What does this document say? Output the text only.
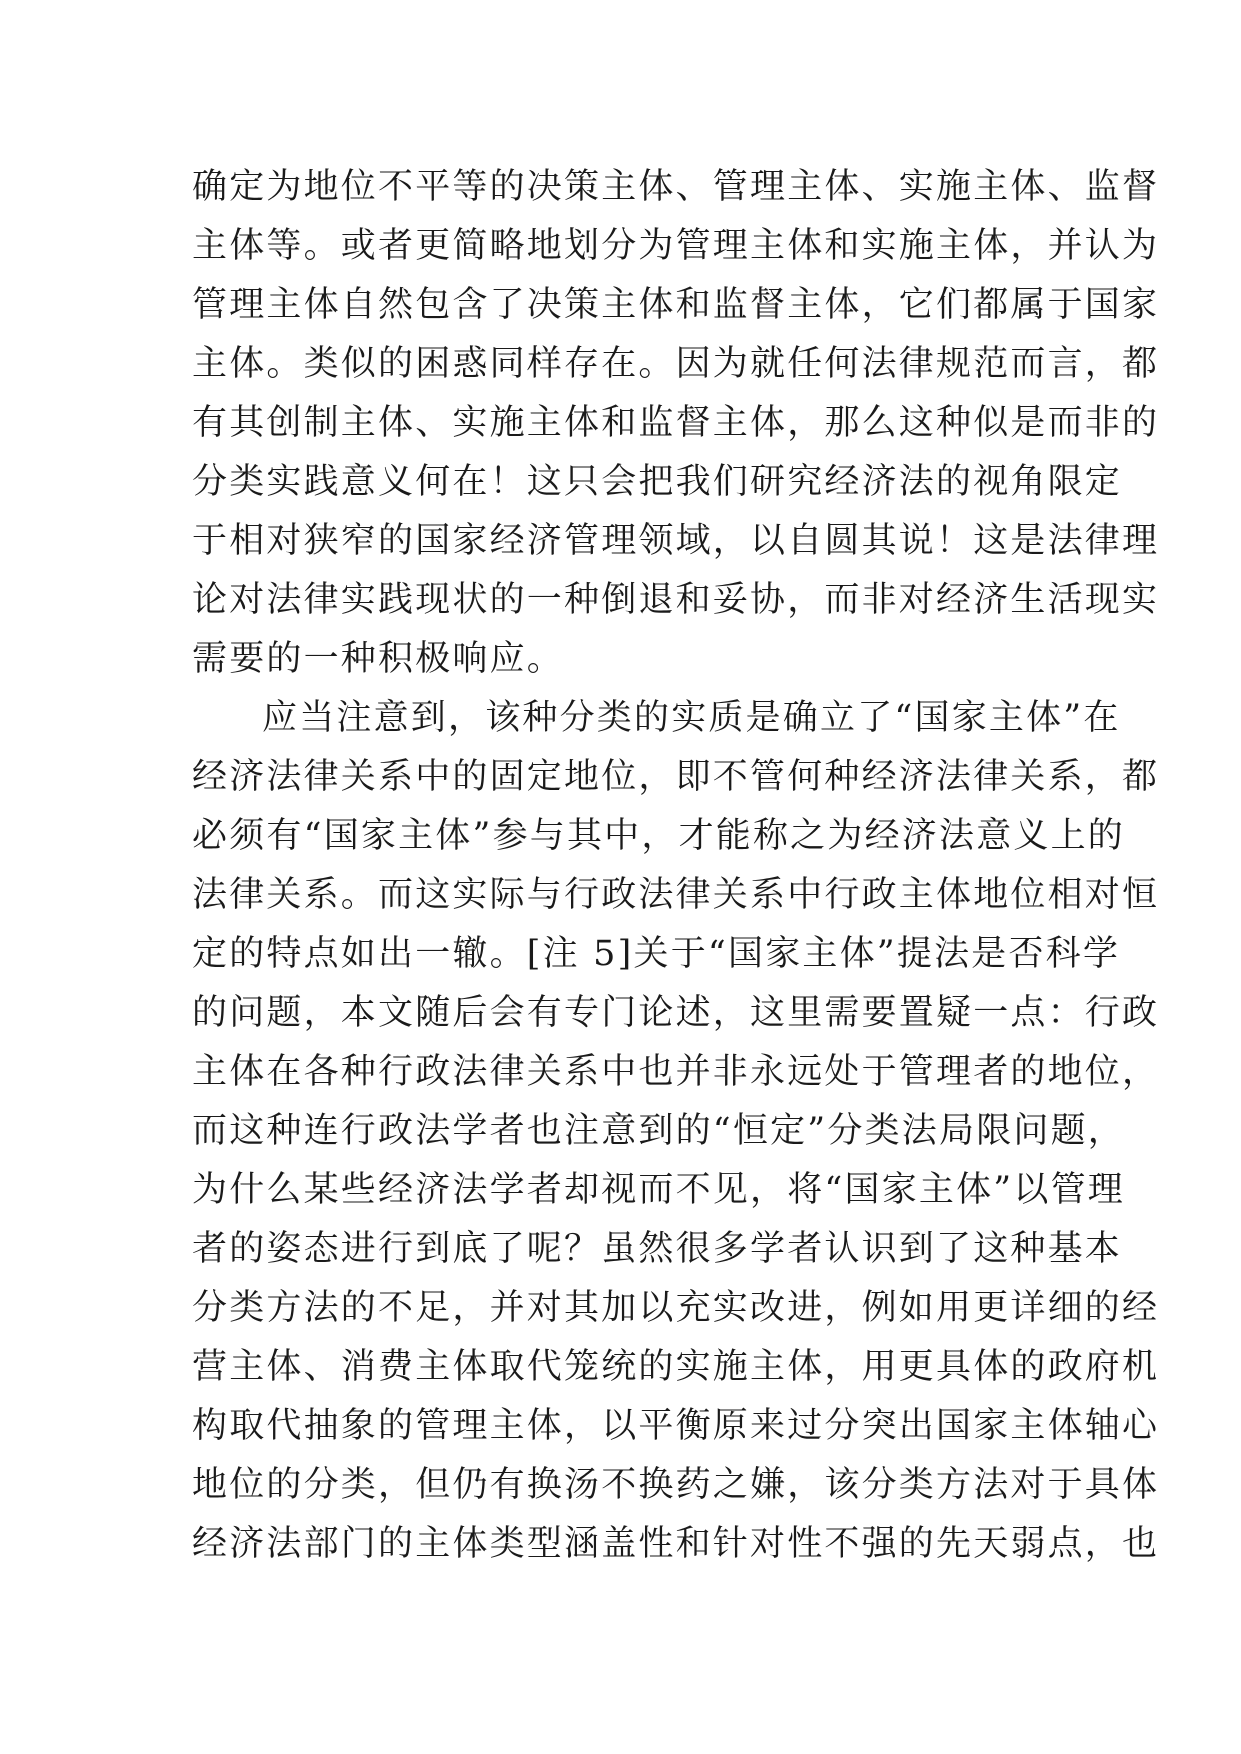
确定为地位不平等的决策主体、管理主体、实施主体、监督
主体等。或者更简略地划分为管理主体和实施主体，并认为
管理主体自然包含了决策主体和监督主体，它们都属于国家
主体。类似的困惑同样存在。因为就任何法律规范而言，都
有其创制主体、实施主体和监督主体，那么这种似是而非的
分类实践意义何在！这只会把我们研究经济法的视角限定
于相对狭窄的国家经济管理领域，以自圆其说！这是法律理
论对法律实践现状的一种倒退和妥协，而非对经济生活现实
需要的一种积极响应。
应当注意到，该种分类的实质是确立了“国家主体”在
经济法律关系中的固定地位，即不管何种经济法律关系，都
必须有“国家主体”参与其中，才能称之为经济法意义上的
法律关系。而这实际与行政法律关系中行政主体地位相对恒
定的特点如出一辙。[注 5]关于“国家主体”提法是否科学
的问题，本文随后会有专门论述，这里需要置疑一点：行政
主体在各种行政法律关系中也并非永远处于管理者的地位，
而这种连行政法学者也注意到的“恒定”分类法局限问题，
为什么某些经济法学者却视而不见，将“国家主体”以管理
者的姿态进行到底了呢？虽然很多学者认识到了这种基本
分类方法的不足，并对其加以充实改进，例如用更详细的经
营主体、消费主体取代笼统的实施主体，用更具体的政府机
构取代抽象的管理主体，以平衡原来过分突出国家主体轴心
地位的分类，但仍有换汤不换药之嫌，该分类方法对于具体
经济法部门的主体类型涵盖性和针对性不强的先天弱点，也
